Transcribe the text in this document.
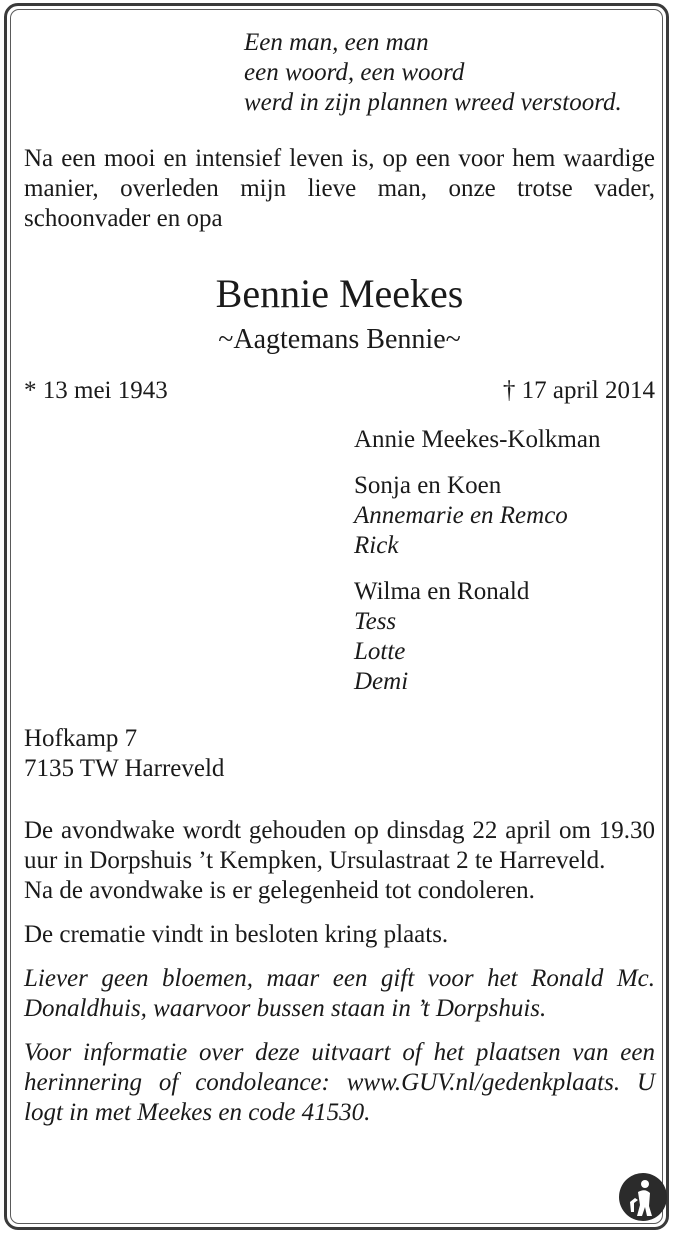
Een man, een man
een woord, een woord
werd in zijn plannen wreed verstoord.
Na een mooi en intensief leven is, op een voor hem waardige manier, overleden mijn lieve man, onze trotse vader, schoonvader en opa
Bennie Meekes
~Aagtemans Bennie~
* 13 mei 1943	† 17 april 2014
Annie Meekes-Kolkman
Sonja en Koen
Annemarie en Remco
Rick
Wilma en Ronald
Tess
Lotte
Demi
Hofkamp 7
7135 TW Harreveld
De avondwake wordt gehouden op dinsdag 22 april om 19.30 uur in Dorpshuis ’t Kempken, Ursulastraat 2 te Harreveld.
Na de avondwake is er gelegenheid tot condoleren.
De crematie vindt in besloten kring plaats.
Liever geen bloemen, maar een gift voor het Ronald Mc. Donaldhuis, waarvoor bussen staan in ’t Dorpshuis.
Voor informatie over deze uitvaart of het plaatsen van een herinnering of condoleance: www.GUV.nl/gedenkplaats. U logt in met Meekes en code 41530.
